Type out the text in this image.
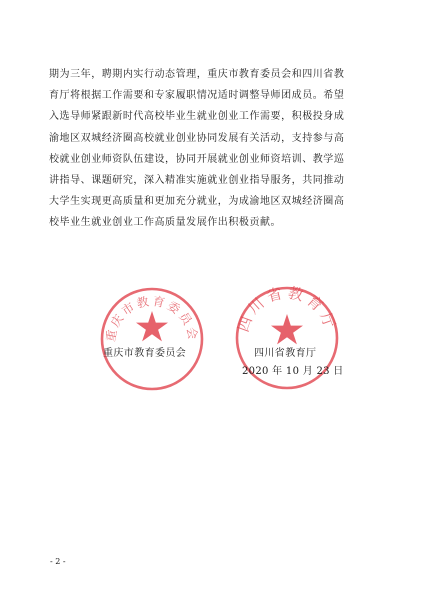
期为三年，聘期内实行动态管理，重庆市教育委员会和四川省教
育厅将根据工作需要和专家履职情况适时调整导师团成员。希望
入选导师紧跟新时代高校毕业生就业创业工作需要，积极投身成
渝地区双城经济圈高校就业创业协同发展有关活动，支持参与高
校就业创业师资队伍建设，协同开展就业创业师资培训、教学巡
讲指导、课题研究，深入精准实施就业创业指导服务，共同推动
大学生实现更高质量和更加充分就业，为成渝地区双城经济圈高
校毕业生就业创业工作高质量发展作出积极贡献。
重庆市教育委员会
四川省教育厅
重庆市教育委员会	四川省教育厅
2020 年 10 月 23 日
- 2 -
